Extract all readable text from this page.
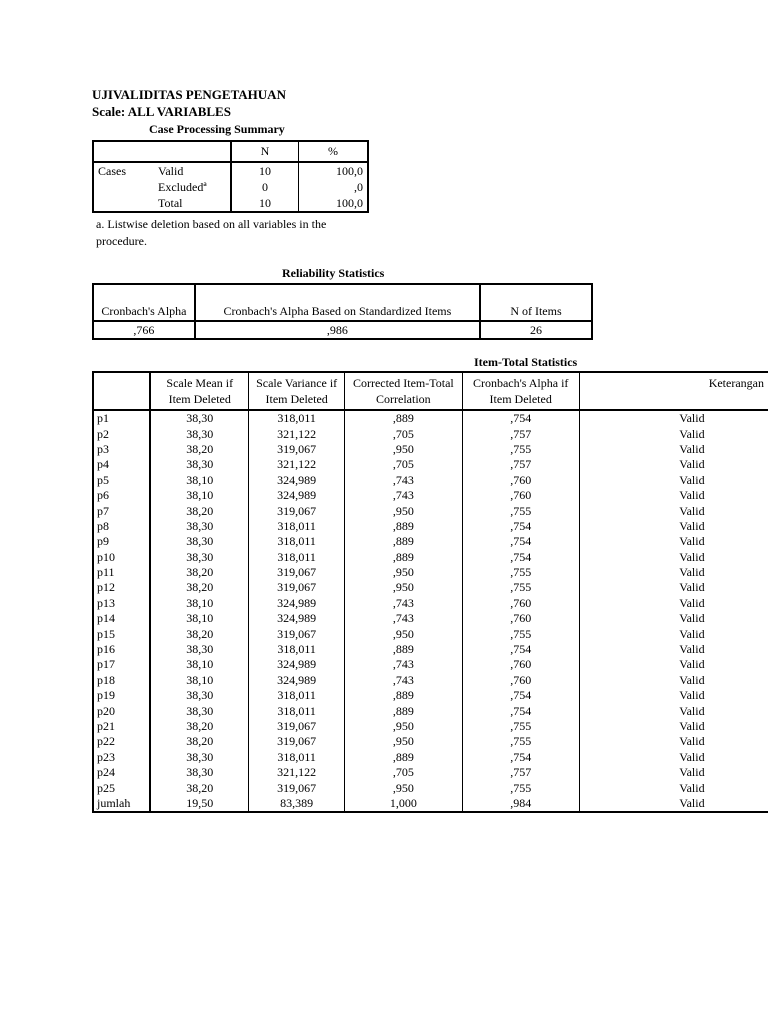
UJIVALIDITAS PENGETAHUAN
Scale: ALL VARIABLES
Case Processing Summary
		N	%
Cases	Valid	10	100,0
	Excludedª	0	,0
	Total	10	100,0
a. Listwise deletion based on all variables in the procedure.
Reliability Statistics
Cronbach's Alpha	Cronbach's Alpha Based on Standardized Items	N of Items
,766	,986	26
Item-Total Statistics
	Scale Mean if Item Deleted	Scale Variance if Item Deleted	Corrected Item-Total Correlation	Cronbach's Alpha if Item Deleted	Keterangan
p1	38,30	318,011	,889	,754	Valid
p2	38,30	321,122	,705	,757	Valid
p3	38,20	319,067	,950	,755	Valid
p4	38,30	321,122	,705	,757	Valid
p5	38,10	324,989	,743	,760	Valid
p6	38,10	324,989	,743	,760	Valid
p7	38,20	319,067	,950	,755	Valid
p8	38,30	318,011	,889	,754	Valid
p9	38,30	318,011	,889	,754	Valid
p10	38,30	318,011	,889	,754	Valid
p11	38,20	319,067	,950	,755	Valid
p12	38,20	319,067	,950	,755	Valid
p13	38,10	324,989	,743	,760	Valid
p14	38,10	324,989	,743	,760	Valid
p15	38,20	319,067	,950	,755	Valid
p16	38,30	318,011	,889	,754	Valid
p17	38,10	324,989	,743	,760	Valid
p18	38,10	324,989	,743	,760	Valid
p19	38,30	318,011	,889	,754	Valid
p20	38,30	318,011	,889	,754	Valid
p21	38,20	319,067	,950	,755	Valid
p22	38,20	319,067	,950	,755	Valid
p23	38,30	318,011	,889	,754	Valid
p24	38,30	321,122	,705	,757	Valid
p25	38,20	319,067	,950	,755	Valid
jumlah	19,50	83,389	1,000	,984	Valid
